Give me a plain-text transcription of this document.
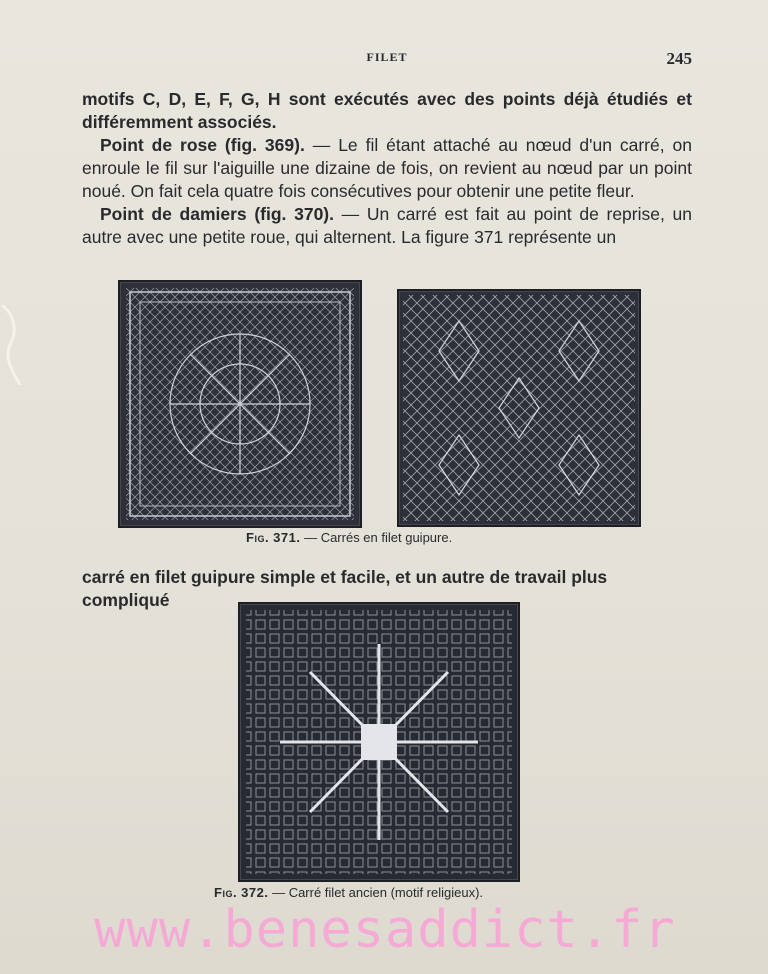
FILET	245

motifs C, D, E, F, G, H sont exécutés avec des points déjà étudiés et différemment associés.

Point de rose (fig. 369). — Le fil étant attaché au nœud d'un carré, on enroule le fil sur l'aiguille une dizaine de fois, on revient au nœud par un point noué. On fait cela quatre fois consécutives pour obtenir une petite fleur.

Point de damiers (fig. 370). — Un carré est fait au point de reprise, un autre avec une petite roue, qui alternent. La figure 371 représente un

Fig. 371. — Carrés en filet guipure.

carré en filet guipure simple et facile, et un autre de travail plus compliqué

Fig. 372. — Carré filet ancien (motif religieux).
www.benesaddict.fr
